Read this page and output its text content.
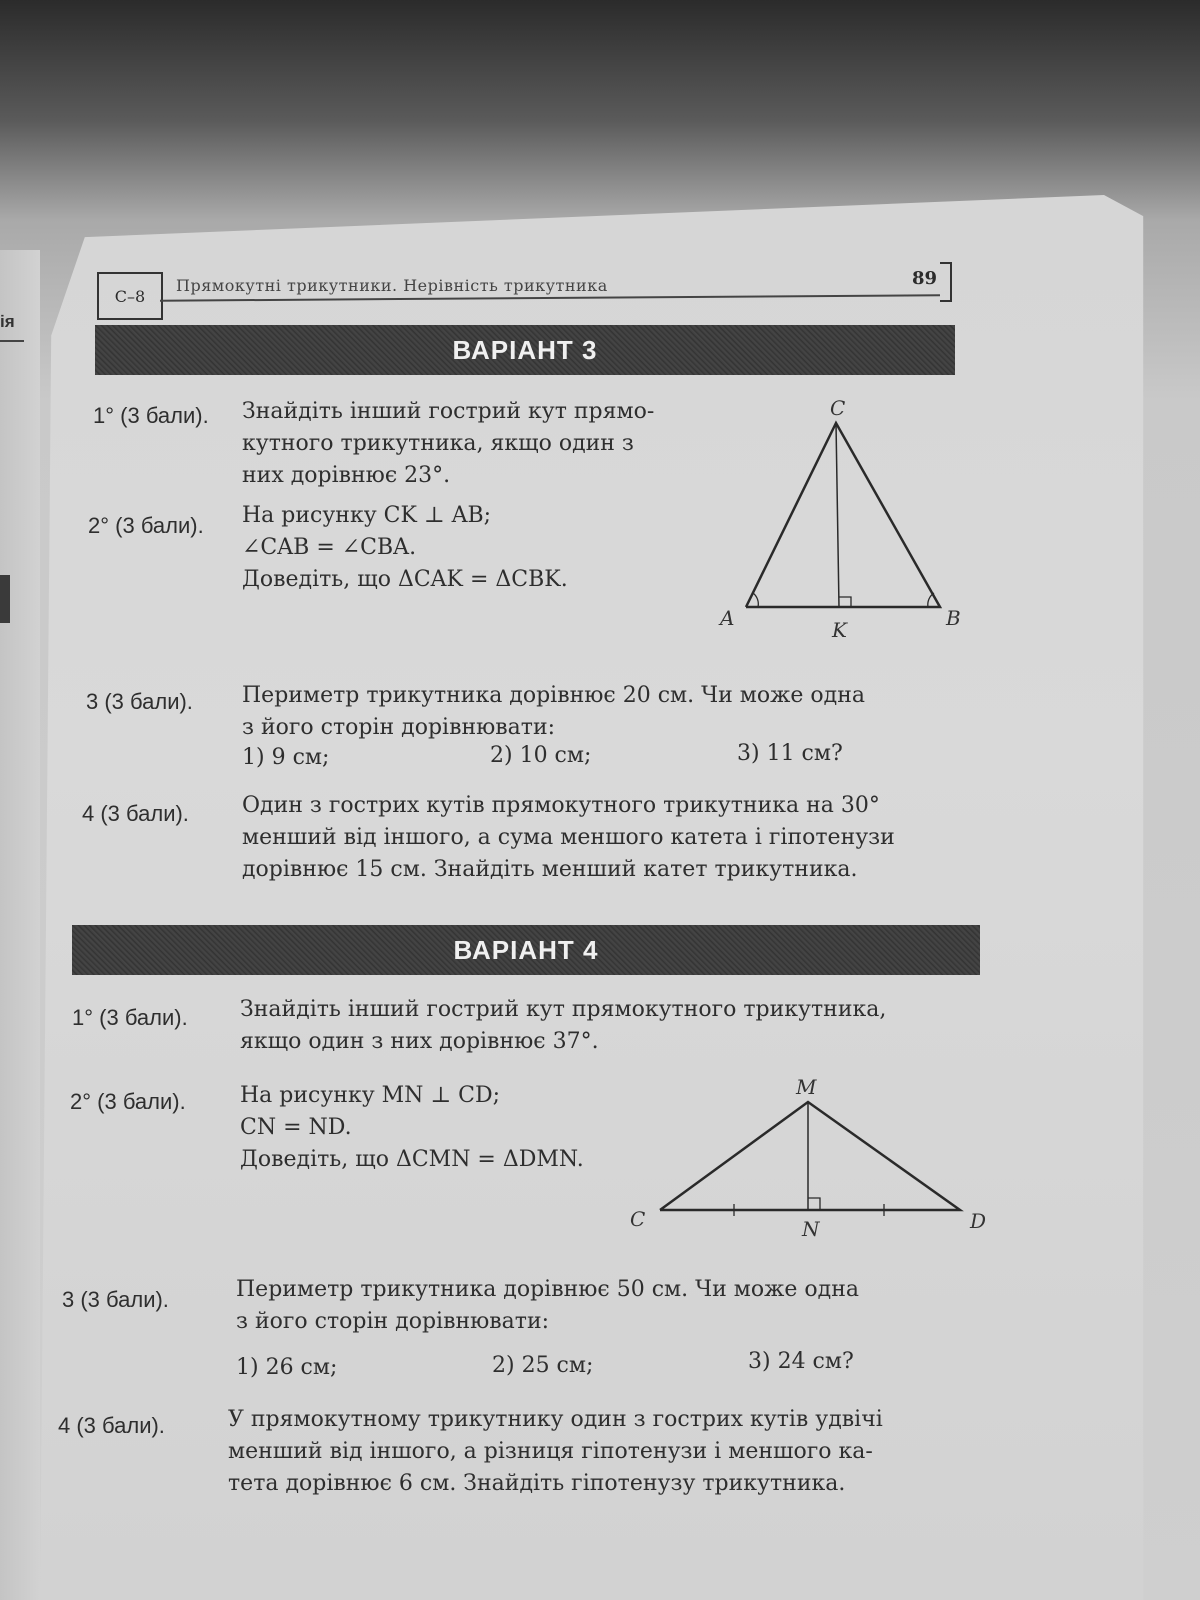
ія
С–8
Прямокутні трикутники. Нерівність трикутника	89
ВАРІАНТ 3
1° (3 бали). Знайдіть інший гострий кут прямо-
кутного трикутника, якщо один з
них дорівнює 23°.
2° (3 бали). На рисунку CK ⊥ AB;
∠CAB = ∠CBA.
Доведіть, що ΔCAK = ΔCBK.
C
A	B
K
3 (3 бали). Периметр трикутника дорівнює 20 см. Чи може одна
з його сторін дорівнювати:
1) 9 см;	2) 10 см;	3) 11 см?
4 (3 бали). Один з гострих кутів прямокутного трикутника на 30°
менший від іншого, а сума меншого катета і гіпотенузи
дорівнює 15 см. Знайдіть менший катет трикутника.
ВАРІАНТ 4
1° (3 бали). Знайдіть інший гострий кут прямокутного трикутника,
якщо один з них дорівнює 37°.
2° (3 бали). На рисунку MN ⊥ CD;
CN = ND.
Доведіть, що ΔCMN = ΔDMN.
M
C	N	D
3 (3 бали).	Периметр трикутника дорівнює 50 см. Чи може одна
з його сторін дорівнювати:
1) 26 см;	2) 25 см;	3) 24 см?
4 (3 бали).	У прямокутному трикутнику один з гострих кутів удвічі
менший від іншого, а різниця гіпотенузи і меншого ка-
тета дорівнює 6 см. Знайдіть гіпотенузу трикутника.
